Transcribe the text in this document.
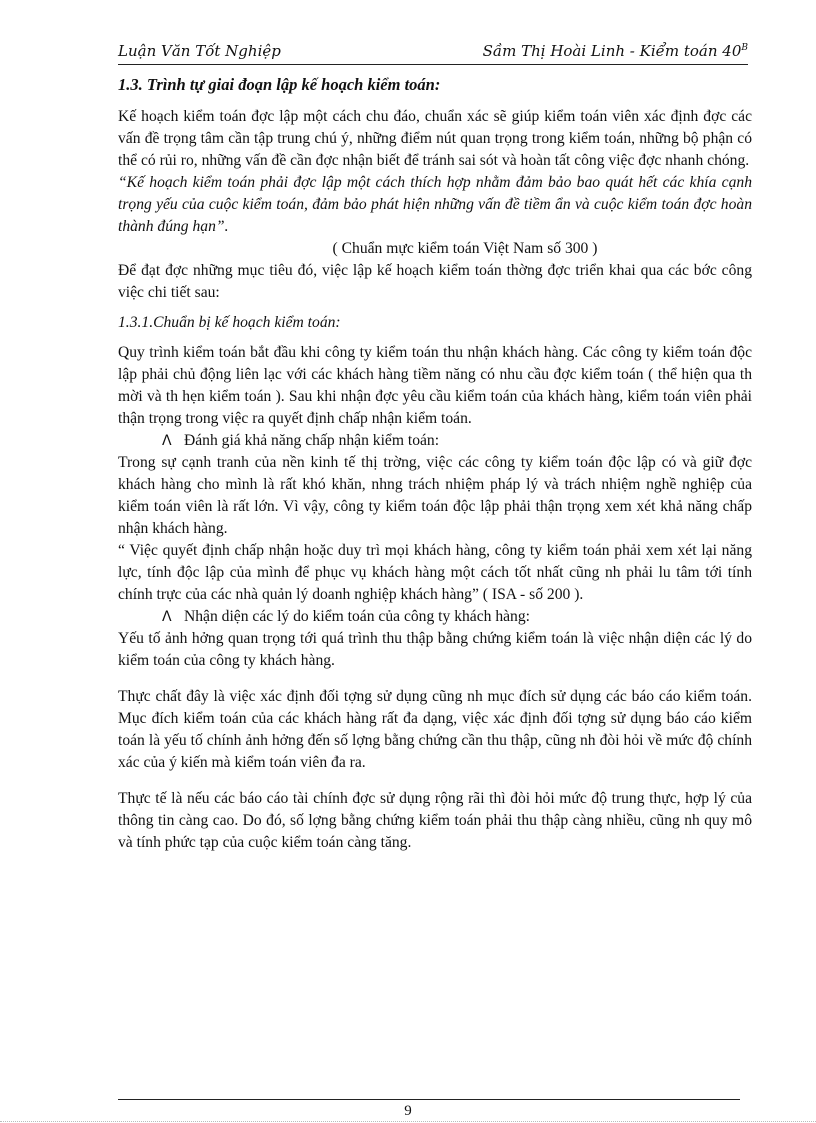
Luận Văn Tốt Nghiệp	Sầm Thị Hoài Linh - Kiểm toán $40^B$

1.3. Trình tự giai đoạn lập kế hoạch kiểm toán:

Kế hoạch kiểm toán đợc lập một cách chu đáo, chuẩn xác sẽ giúp kiểm toán viên xác định đợc các vấn đề trọng tâm cần tập trung chú ý, những điểm nút quan trọng trong kiểm toán, những bộ phận có thể có rủi ro, những vấn đề cần đợc nhận biết để tránh sai sót và hoàn tất công việc đợc nhanh chóng.

“Kế hoạch kiểm toán phải đợc lập một cách thích hợp nhằm đảm bảo bao quát hết các khía cạnh trọng yếu của cuộc kiểm toán, đảm bảo phát hiện những vấn đề tiềm ẩn và cuộc kiểm toán đợc hoàn thành đúng hạn”.

( Chuẩn mực kiểm toán Việt Nam số 300 )

Để đạt đợc những mục tiêu đó, việc lập kế hoạch kiểm toán thờng đợc triển khai qua các bớc công việc chi tiết sau:

1.3.1.Chuẩn bị kế hoạch kiểm toán:

Quy trình kiểm toán bắt đầu khi công ty kiểm toán thu nhận khách hàng. Các công ty kiểm toán độc lập phải chủ động liên lạc với các khách hàng tiềm năng có nhu cầu đợc kiểm toán ( thể hiện qua th mời và th hẹn kiểm toán ). Sau khi nhận đợc yêu cầu kiểm toán của khách hàng, kiểm toán viên phải thận trọng trong việc ra quyết định chấp nhận kiểm toán.

Λ Đánh giá khả năng chấp nhận kiểm toán:

Trong sự cạnh tranh của nền kinh tế thị trờng, việc các công ty kiểm toán độc lập có và giữ đợc khách hàng cho mình là rất khó khăn, nhng trách nhiệm pháp lý và trách nhiệm nghề nghiệp của kiểm toán viên là rất lớn. Vì vậy, công ty kiểm toán độc lập phải thận trọng xem xét khả năng chấp nhận khách hàng.

“ Việc quyết định chấp nhận hoặc duy trì mọi khách hàng, công ty kiểm toán phải xem xét lại năng lực, tính độc lập của mình để phục vụ khách hàng một cách tốt nhất cũng nh phải lu tâm tới tính chính trực của các nhà quản lý doanh nghiệp khách hàng” ( ISA - số 200 ).

Λ Nhận diện các lý do kiểm toán của công ty khách hàng:

Yếu tố ảnh hởng quan trọng tới quá trình thu thập bằng chứng kiểm toán là việc nhận diện các lý do kiểm toán của công ty khách hàng.

Thực chất đây là việc xác định đối tợng sử dụng cũng nh mục đích sử dụng các báo cáo kiểm toán. Mục đích kiểm toán của các khách hàng rất đa dạng, việc xác định đối tợng sử dụng báo cáo kiểm toán là yếu tố chính ảnh hởng đến số lợng bằng chứng cần thu thập, cũng nh đòi hỏi về mức độ chính xác của ý kiến mà kiểm toán viên đa ra.

Thực tế là nếu các báo cáo tài chính đợc sử dụng rộng rãi thì đòi hỏi mức độ trung thực, hợp lý của thông tin càng cao. Do đó, số lợng bằng chứng kiểm toán phải thu thập càng nhiều, cũng nh quy mô và tính phức tạp của cuộc kiểm toán càng tăng.

9
